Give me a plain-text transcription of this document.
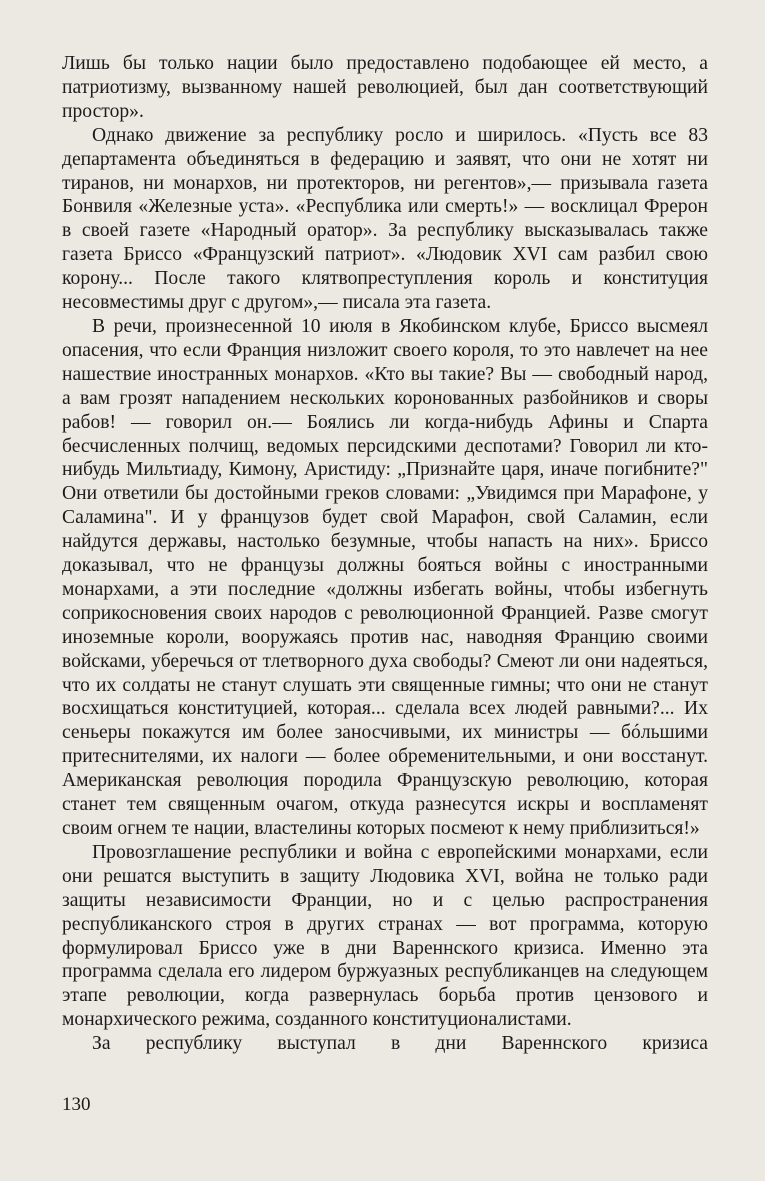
Лишь бы только нации было предоставлено подобающее ей место, а патриотизму, вызванному нашей революцией, был дан соответствующий простор».

Однако движение за республику росло и ширилось. «Пусть все 83 департамента объединяться в федерацию и заявят, что они не хотят ни тиранов, ни монархов, ни протекторов, ни регентов»,— призывала газета Бонвиля «Железные уста». «Республика или смерть!» — восклицал Фрерон в своей газете «Народный оратор». За республику высказывалась также газета Бриссо «Французский патриот». «Людовик XVI сам разбил свою корону... После такого клятвопреступления король и конституция несовместимы друг с другом»,— писала эта газета.

В речи, произнесенной 10 июля в Якобинском клубе, Бриссо высмеял опасения, что если Франция низложит своего короля, то это навлечет на нее нашествие иностранных монархов. «Кто вы такие? Вы — свободный народ, а вам грозят нападением нескольких коронованных разбойников и своры рабов! — говорил он.— Боялись ли когда-нибудь Афины и Спарта бесчисленных полчищ, ведомых персидскими деспотами? Говорил ли кто-нибудь Мильтиаду, Кимону, Аристиду: „Признайте царя, иначе погибните?" Они ответили бы достойными греков словами: „Увидимся при Марафоне, у Саламина". И у французов будет свой Марафон, свой Саламин, если найдутся державы, настолько безумные, чтобы напасть на них». Бриссо доказывал, что не французы должны бояться войны с иностранными монархами, а эти последние «должны избегать войны, чтобы избегнуть соприкосновения своих народов с революционной Францией. Разве смогут иноземные короли, вооружаясь против нас, наводняя Францию своими войсками, уберечься от тлетворного духа свободы? Смеют ли они надеяться, что их солдаты не станут слушать эти священные гимны; что они не станут восхищаться конституцией, которая... сделала всех людей равными?... Их сеньеры покажутся им более заносчивыми, их министры — бóльшими притеснителями, их налоги — более обременительными, и они восстанут. Американская революция породила Французскую революцию, которая станет тем священным очагом, откуда разнесутся искры и воспламенят своим огнем те нации, властелины которых посмеют к нему приблизиться!»

Провозглашение республики и война с европейскими монархами, если они решатся выступить в защиту Людовика XVI, война не только ради защиты независимости Франции, но и с целью распространения республиканского строя в других странах — вот программа, которую формулировал Бриссо уже в дни Вареннского кризиса. Именно эта программа сделала его лидером буржуазных республиканцев на следующем этапе революции, когда развернулась борьба против цензового и монархического режима, созданного конституционалистами.

За республику выступал в дни Вареннского кризиса

130
